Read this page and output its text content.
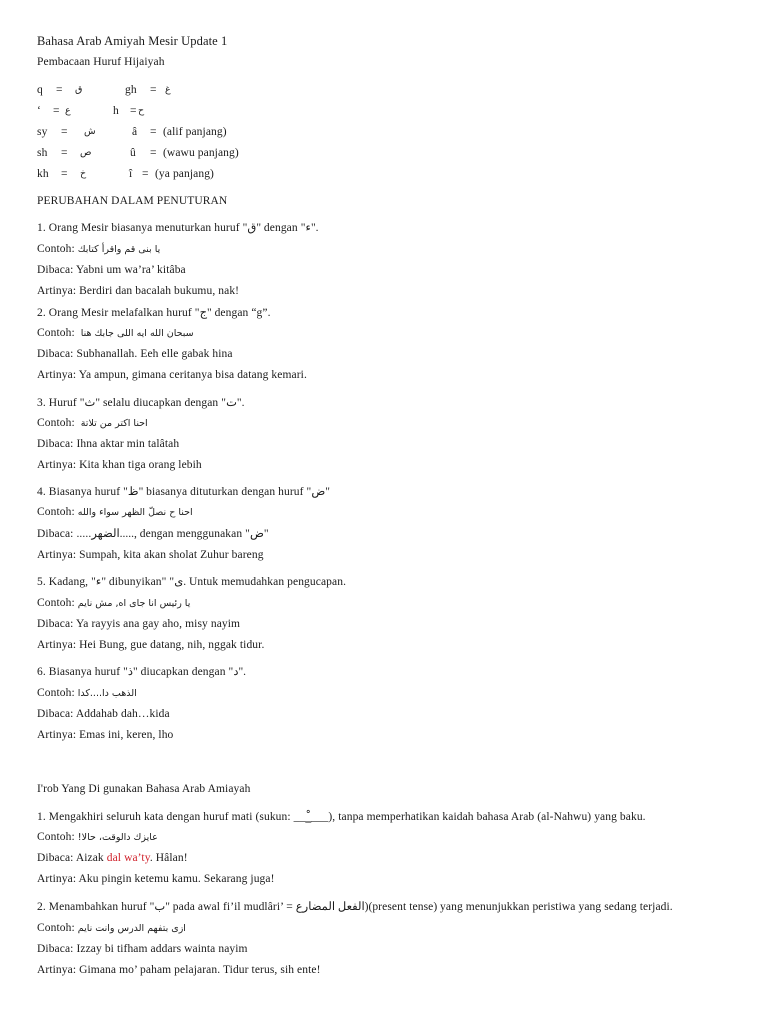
Bahasa Arab Amiyah Mesir Update 1
Pembacaan Huruf Hijaiyah
q = ق	gh = غ
‘ = ع	h = ح
sy = ش	â = (alif panjang)
sh = ص	û = (wawu panjang)
kh = خ	î = (ya panjang)
PERUBAHAN DALAM PENUTURAN
1. Orang Mesir biasanya menuturkan huruf "ق" dengan "ء".
Contoh: يا بنى قم واقرأ كتابك
Dibaca: Yabni um wa’ra’ kitâba
Artinya: Berdiri dan bacalah bukumu, nak!
2. Orang Mesir melafalkan huruf "ج" dengan “g”.
Contoh: سبحان الله ايه اللى جابك هنا
Dibaca: Subhanallah. Eeh elle gabak hina
Artinya: Ya ampun, gimana ceritanya bisa datang kemari.
3. Huruf "ث" selalu diucapkan dengan "ت".
Contoh: احنا اكتر من تلاتة
Dibaca: Ihna aktar min talâtah
Artinya: Kita khan tiga orang lebih
4. Biasanya huruf "ظ" biasanya dituturkan dengan huruf "ض"
Contoh: احنا ح نصلّ الظهر سواء والله
Dibaca: .....الضهر....., dengan menggunakan "ض"
Artinya: Sumpah, kita akan sholat Zuhur bareng
5. Kadang, "ء" dibunyikan" "ى. Untuk memudahkan pengucapan.
Contoh: يا رئيس انا جاى اه, مش نايم
Dibaca: Ya rayyis ana gay aho, misy nayim
Artinya: Hei Bung, gue datang, nih, nggak tidur.
6. Biasanya huruf "ذ" diucapkan dengan "د".
Contoh: الذهب دا....كدا
Dibaca: Addahab dah…kida
Artinya: Emas ini, keren, lho
I'rob Yang Di gunakan Bahasa Arab Amiayah
1. Mengakhiri seluruh kata dengan huruf mati (sukun: ___ْ___), tanpa memperhatikan kaidah bahasa Arab (al-Nahwu) yang baku.
Contoh: !عايزك دالوقت، حالا
Dibaca: Aizak dal wa’ty. Hâlan!
Artinya: Aku pingin ketemu kamu. Sekarang juga!
2. Menambahkan huruf "ب" pada awal fi’il mudlâri’ = الفعل المضارع)(present tense) yang menunjukkan peristiwa yang sedang terjadi.
Contoh: ازى بتفهم الدرس وانت نايم
Dibaca: Izzay bi tifham addars wainta nayim
Artinya: Gimana mo’ paham pelajaran. Tidur terus, sih ente!
